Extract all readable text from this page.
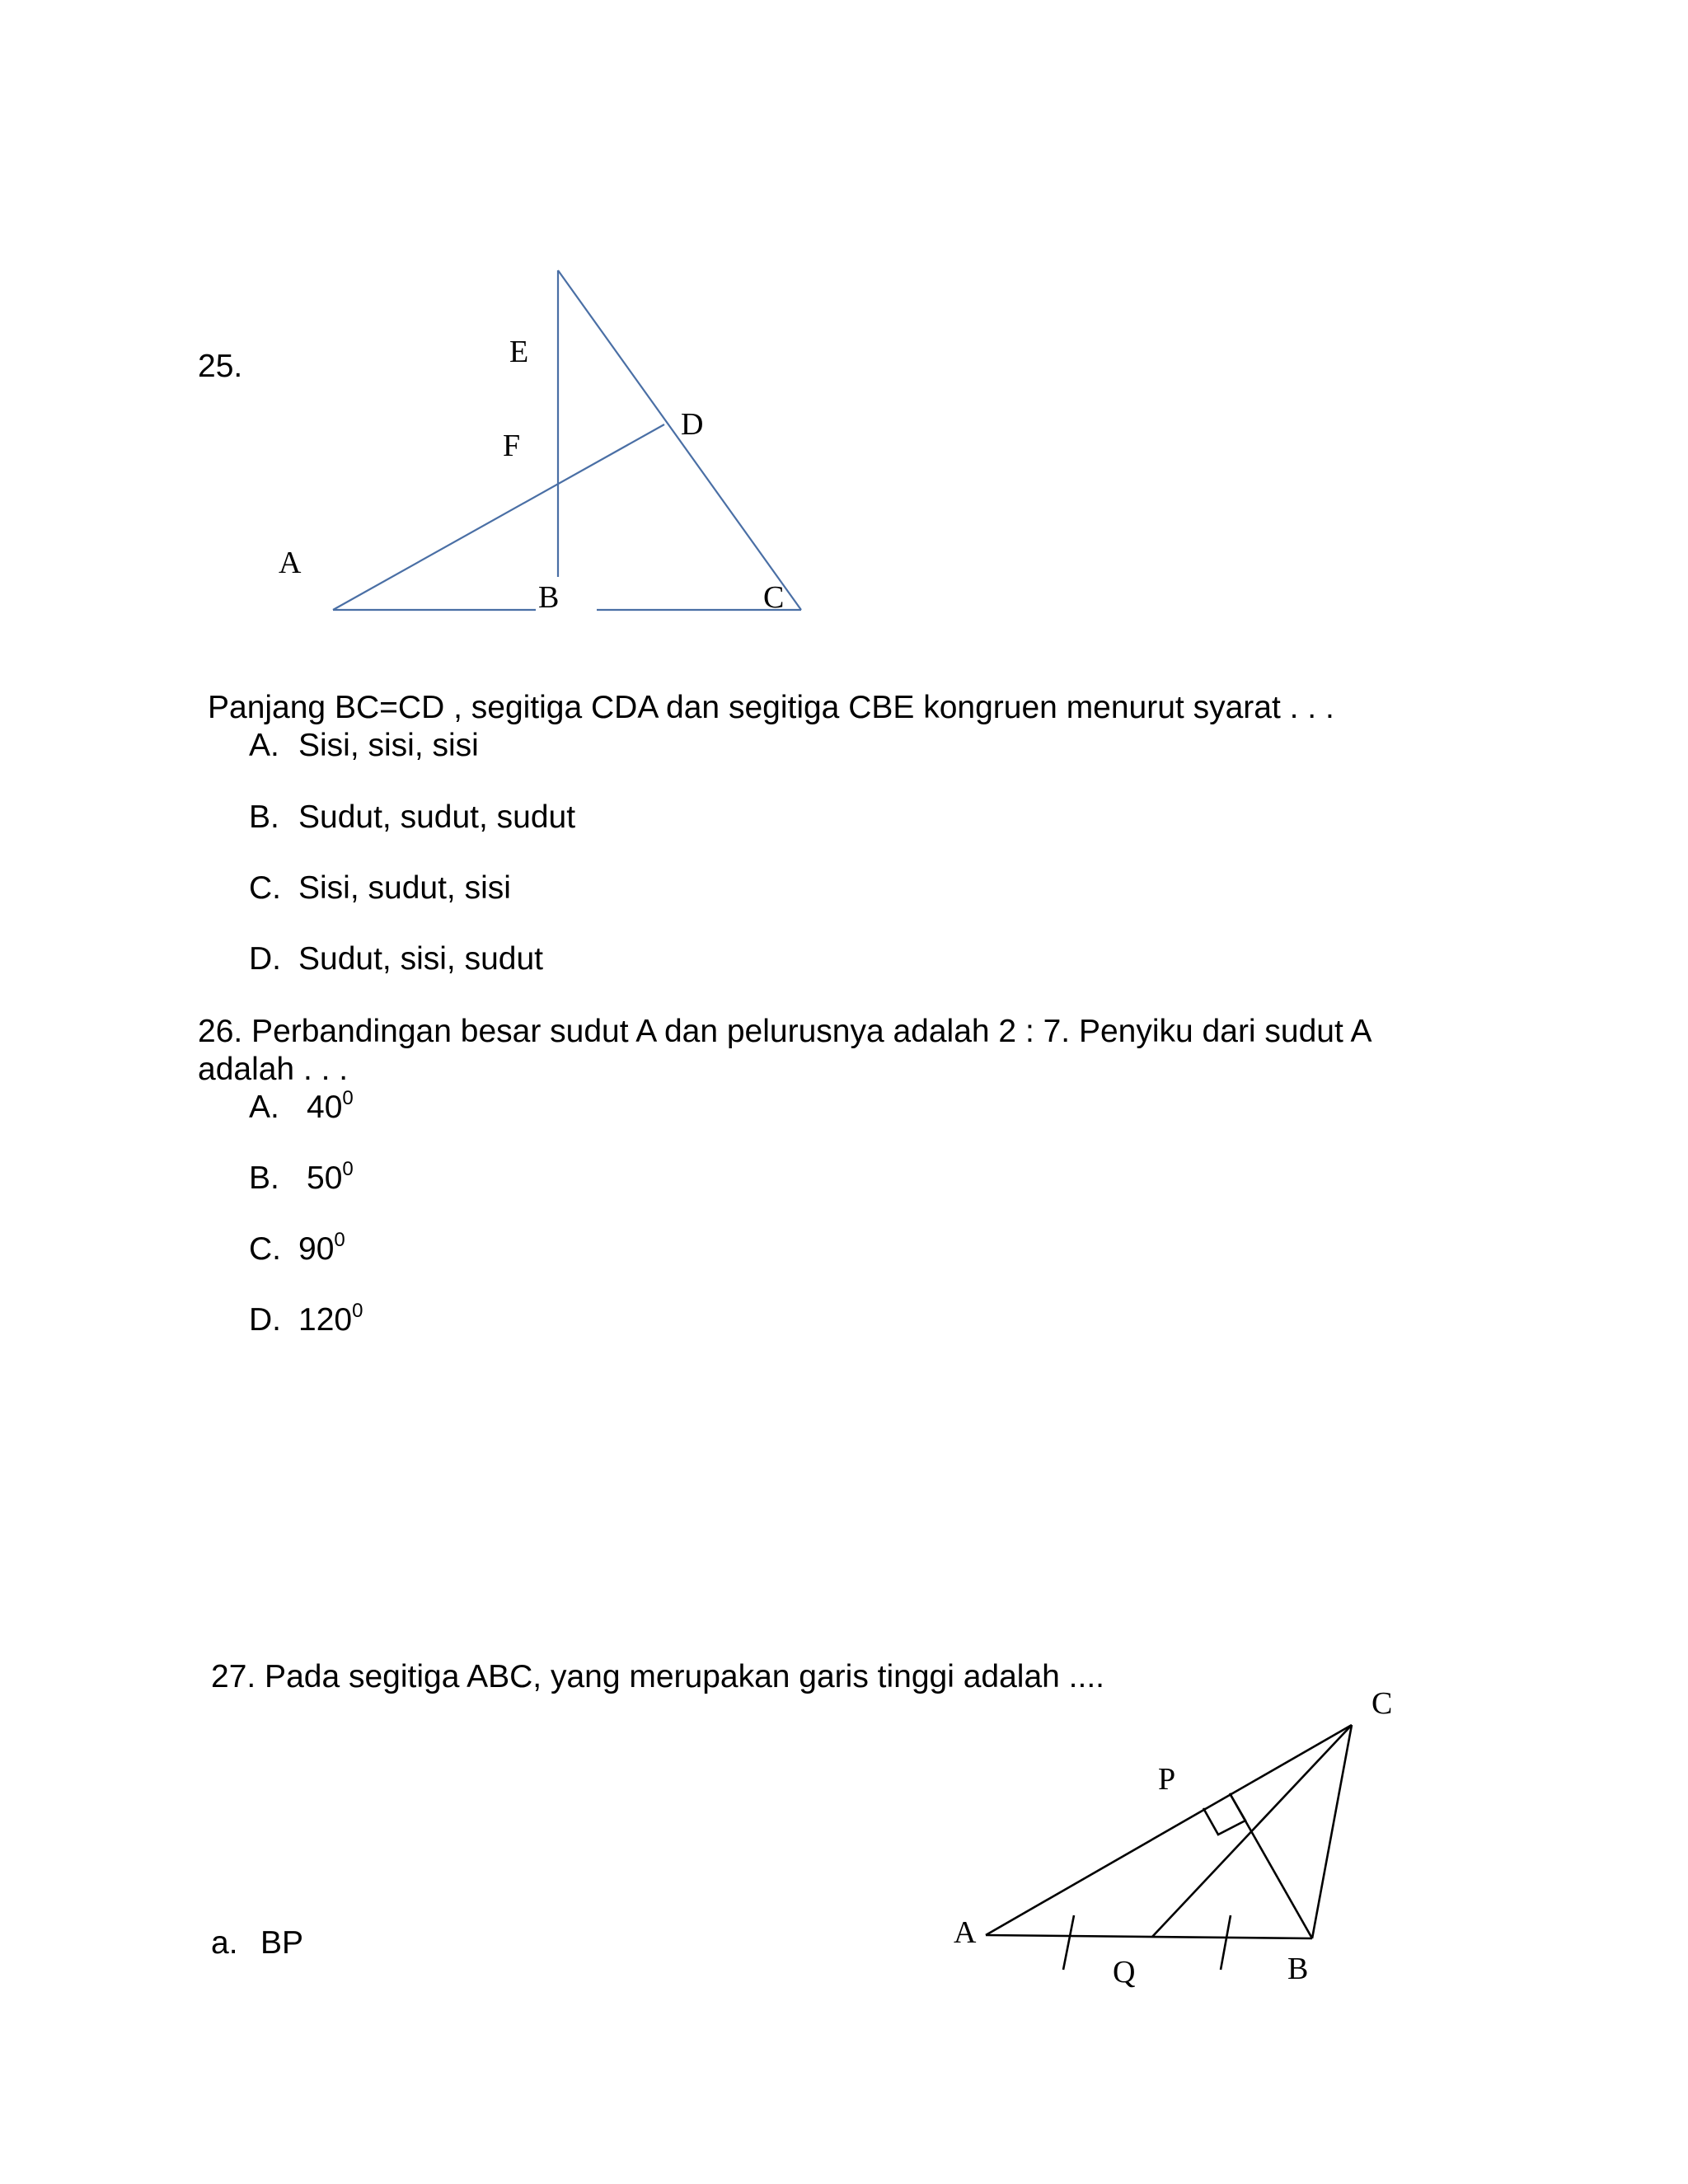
25.	E
F
D
A
B	C
Panjang BC=CD , segitiga CDA dan segitiga CBE kongruen menurut syarat . . .
A. Sisi, sisi, sisi
B. Sudut, sudut, sudut
C. Sisi, sudut, sisi
D. Sudut, sisi, sudut
26. Perbandingan besar sudut A dan pelurusnya adalah 2 : 7. Penyiku dari sudut A
adalah . . .
A. $40^0$
B. $50^0$
C. $90^0$
D. $120^0$
27. Pada segitiga ABC, yang merupakan garis tinggi adalah ....
C
P
A
Q	B
a. BP
